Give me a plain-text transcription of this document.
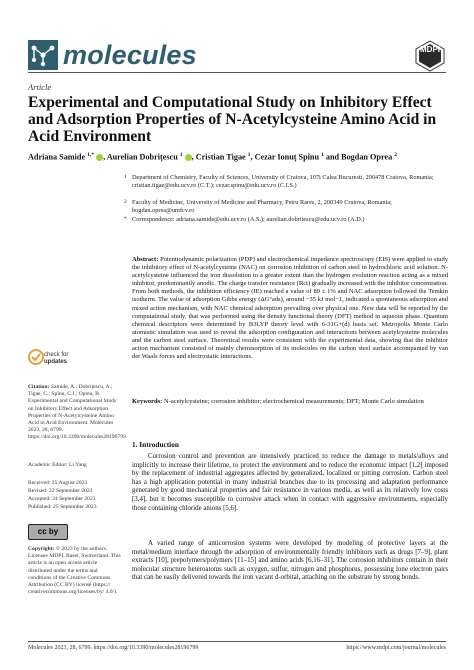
molecules	MDPI
Article
Experimental and Computational Study on Inhibitory Effect and Adsorption Properties of N-Acetylcysteine Amino Acid in Acid Environment
Adriana Samide $^{1,*}$ , Aurelian Dobrițescu $^1$ , Cristian Tigae $^1$, Cezar Ionuț Spînu $^1$ and Bogdan Oprea $^2$
1 Department of Chemistry, Faculty of Sciences, University of Craiova, 107i Calea Bucuresti, 200478 Craiova, Romania; cristian.tigae@edu.ucv.ro (C.T.); cezar.spinu@edu.ucv.ro (C.I.S.)
2 Faculty of Medicine, University of Medicine and Pharmacy, Petru Rares, 2, 200349 Craiova, Romania; bogdan.oprea@umfcv.ro
* Correspondence: adriana.samide@edu.ucv.ro (A.S.); aurelian.dobritescu@edu.ucv.ro (A.D.)
Abstract: Potentiodynamic polarization (PDP) and electrochemical impedance spectroscopy (EIS) were applied to study the inhibitory effect of N-acetylcysteine (NAC) on corrosion inhibition of carbon steel in hydrochloric acid solution. N-acetylcysteine influenced the iron dissolution to a greater extent than the hydrogen evolution reaction acting as a mixed inhibitor, predominantly anodic. The charge transfer resistance (Rct) gradually increased with the inhibitor concentration. From both methods, the inhibition efficiency (IE) reached a value of 89 ± 1% and NAC adsorption followed the Temkin isotherm. The value of adsorption Gibbs energy (ΔG°ads), around −35 kJ mol−1, indicated a spontaneous adsorption and mixed action mechanism, with NAC chemical adsorption prevailing over physical one. New data will be reported by the computational study, that was performed using the density functional theory (DFT) method in aqueous phase. Quantum chemical descriptors were determined by B3LYP theory level with 6-31G+(d) basis set. Metropolis Monte Carlo atomistic simulation was used to reveal the adsorption configuration and interactions between acetylcysteine molecules and the carbon steel surface. Theoretical results were consistent with the experimental data, showing that the inhibitor action mechanism consisted of mainly chemisorption of its molecules on the carbon steel surface accompanied by van der Waals forces and electrostatic interactions.
Keywords: N-acetylcysteine; corrosion inhibitor; electrochemical measurements; DFT; Monte Carlo simulation
check for
updates
Citation: Samide, A.; Dobrițescu, A.; Tigae, C.; Spînu, C.I.; Oprea, B. Experimental and Computational Study on Inhibitory Effect and Adsorption Properties of N-Acetylcysteine Amino Acid in Acid Environment. Molecules 2023, 28, 6799. https://doi.org/10.3390/molecules28196799
Academic Editor: Li Yang
Received: 25 August 2023
Revised: 22 September 2023
Accepted: 24 September 2023
Published: 25 September 2023
cc by
Copyright: © 2023 by the authors. Licensee MDPI, Basel, Switzerland. This article is an open access article distributed under the terms and conditions of the Creative Commons Attribution (CC BY) license (https:// creativecommons.org/licenses/by/ 4.0/).
1. Introduction
Corrosion control and prevention are intensively practiced to reduce the damage to metals/alloys and implicitly to increase their lifetime, to protect the environment and to reduce the economic impact [1,2] imposed by the replacement of industrial aggregates affected by generalized, localized or pitting corrosion. Carbon steel has a high application potential in many industrial branches due to its processing and adaptation performance generated by good mechanical properties and fair resistance in various media, as well as its relatively low costs [3,4], but it becomes susceptible to corrosive attack when in contact with aggressive environments, especially those containing chloride anions [5,6].
A varied range of anticorrosion systems were developed by modeling of protective layers at the metal/medium interface through the adsorption of environmentally friendly inhibitors such as drugs [7–9], plant extracts [10], prepolymers/polymers [11–15] and amino acids [6,16–31]. The corrosion inhibitors contain in their molecular structure heteroatoms such as oxygen, sulfur, nitrogen and phosphorus, possessing lone electron pairs that can be easily delivered towards the iron vacant d-orbital, attaching on the substrate by strong bonds.
Molecules 2023, 28, 6799. https://doi.org/10.3390/molecules28196799	https://www.mdpi.com/journal/molecules
